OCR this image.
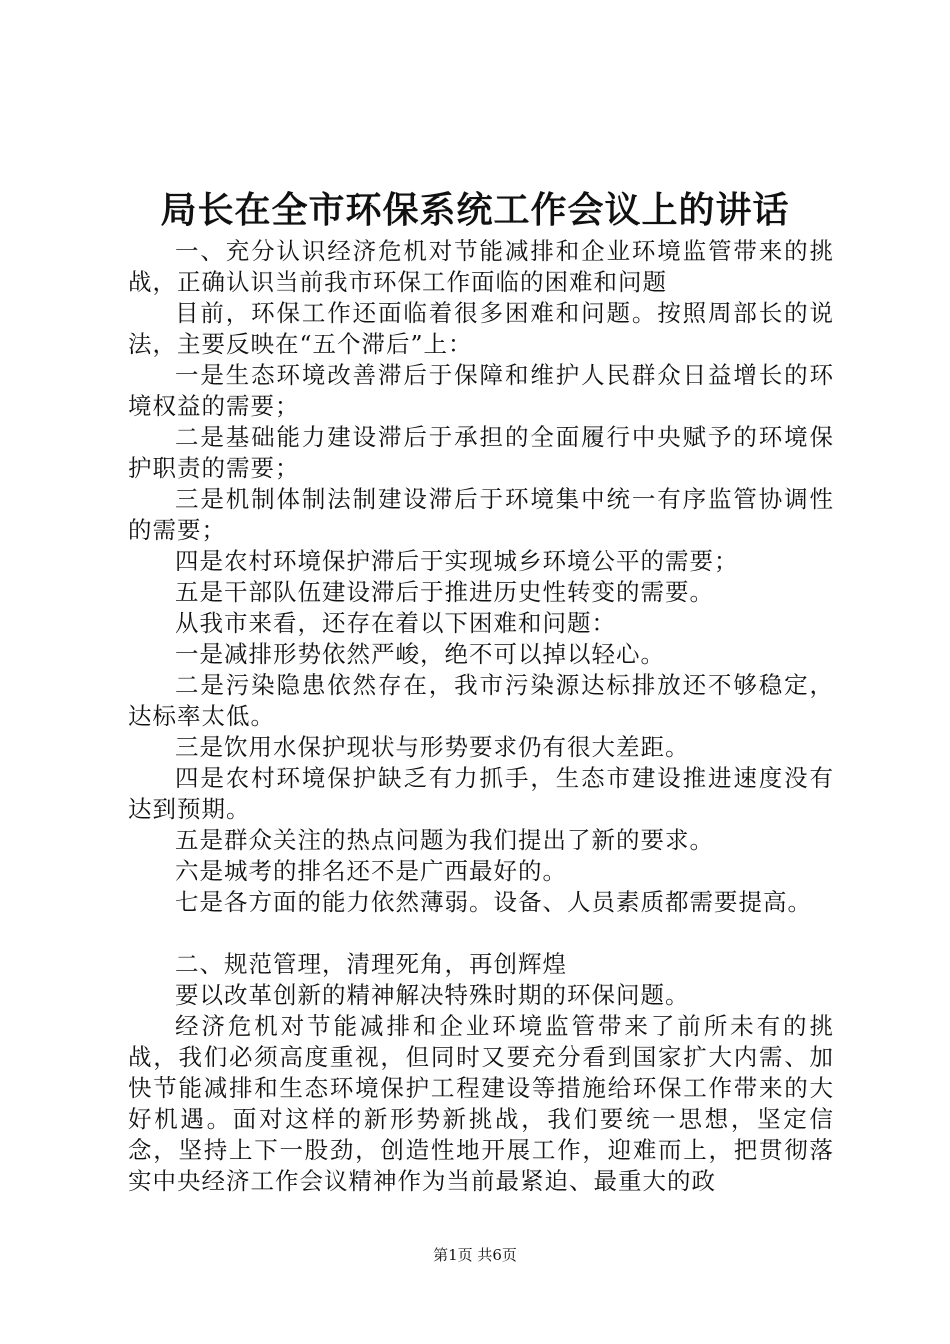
局长在全市环保系统工作会议上的讲话

一、充分认识经济危机对节能减排和企业环境监管带来的挑战，正确认识当前我市环保工作面临的困难和问题

目前，环保工作还面临着很多困难和问题。按照周部长的说法，主要反映在“五个滞后”上：

一是生态环境改善滞后于保障和维护人民群众日益增长的环境权益的需要；

二是基础能力建设滞后于承担的全面履行中央赋予的环境保护职责的需要；

三是机制体制法制建设滞后于环境集中统一有序监管协调性的需要；

四是农村环境保护滞后于实现城乡环境公平的需要；

五是干部队伍建设滞后于推进历史性转变的需要。

从我市来看，还存在着以下困难和问题：

一是减排形势依然严峻，绝不可以掉以轻心。

二是污染隐患依然存在，我市污染源达标排放还不够稳定，达标率太低。

三是饮用水保护现状与形势要求仍有很大差距。

四是农村环境保护缺乏有力抓手，生态市建设推进速度没有达到预期。

五是群众关注的热点问题为我们提出了新的要求。

六是城考的排名还不是广西最好的。

七是各方面的能力依然薄弱。设备、人员素质都需要提高。

二、规范管理，清理死角，再创辉煌

要以改革创新的精神解决特殊时期的环保问题。

经济危机对节能减排和企业环境监管带来了前所未有的挑战，我们必须高度重视，但同时又要充分看到国家扩大内需、加快节能减排和生态环境保护工程建设等措施给环保工作带来的大好机遇。面对这样的新形势新挑战，我们要统一思想，坚定信念，坚持上下一股劲，创造性地开展工作，迎难而上，把贯彻落实中央经济工作会议精神作为当前最紧迫、最重大的政

第1页 共6页
